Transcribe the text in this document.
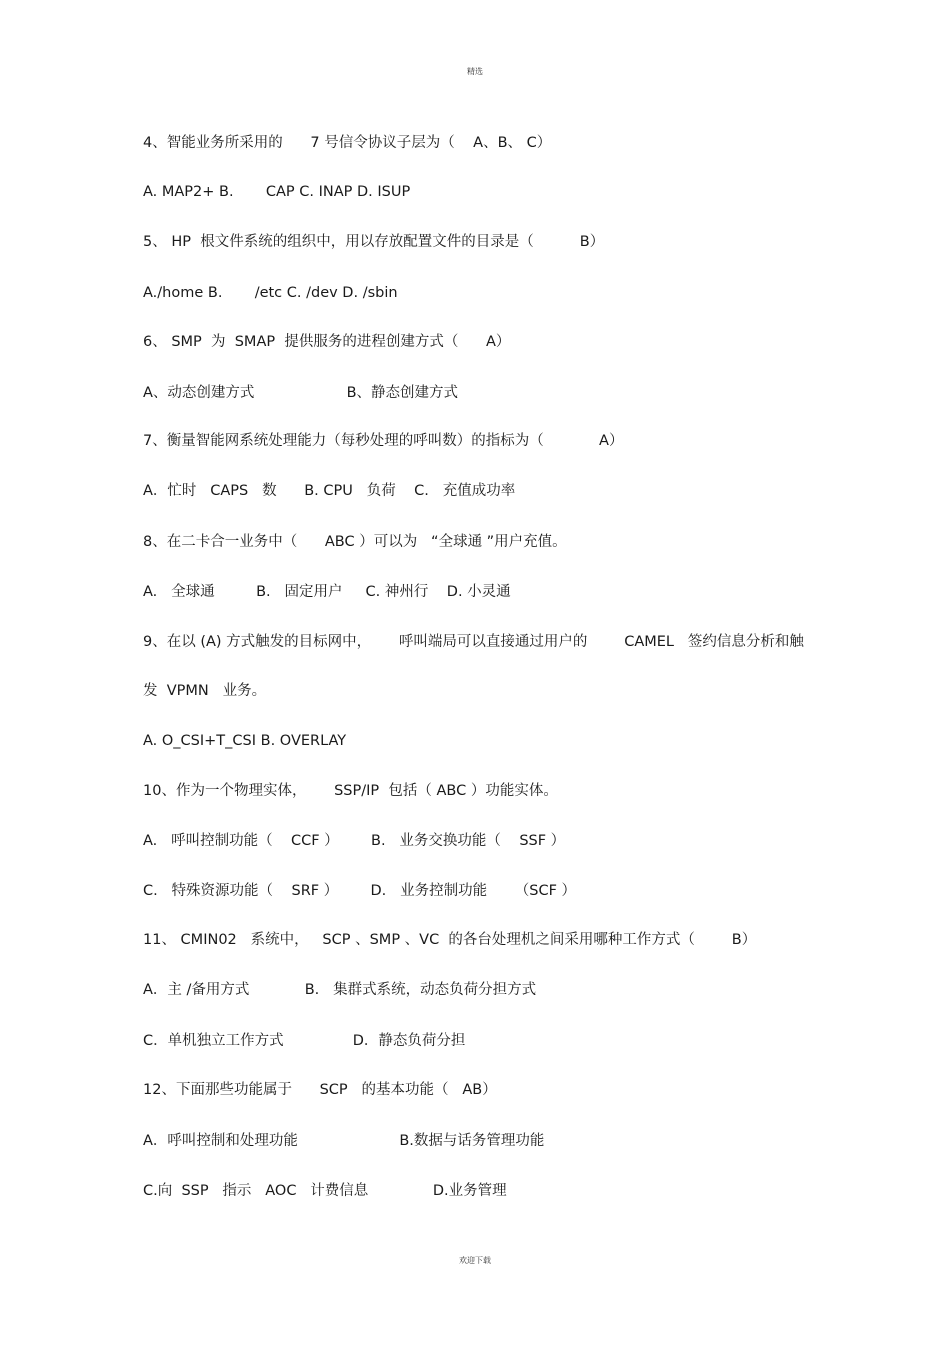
精选
4、智能业务所采用的      7 号信令协议子层为（    A、B、 C）
A. MAP2+ B.       CAP C. INAP D. ISUP
5、 HP  根文件系统的组织中，用以存放配置文件的目录是（          B）
A./home B.       /etc C. /dev D. /sbin
6、 SMP  为  SMAP  提供服务的进程创建方式（      A）
A、动态创建方式                    B、静态创建方式
7、衡量智能网系统处理能力（每秒处理的呼叫数）的指标为（            A）
A．忙时   CAPS   数      B. CPU   负荷    C.   充值成功率
8、在二卡合一业务中（      ABC ）可以为   “全球通 ”用户充值。
A.   全球通         B.   固定用户     C. 神州行    D. 小灵通
9、在以 (A) 方式触发的目标网中，      呼叫端局可以直接通过用户的        CAMEL   签约信息分析和触
发  VPMN   业务。
A. O_CSI+T_CSI B. OVERLAY
10、作为一个物理实体，      SSP/IP  包括（ ABC ）功能实体。
A.   呼叫控制功能（    CCF ）       B.   业务交换功能（    SSF ）
C.   特殊资源功能（    SRF ）       D.   业务控制功能      （SCF ）
11、 CMIN02   系统中，   SCP 、SMP 、VC  的各台处理机之间采用哪种工作方式（        B）
A．主 /备用方式            B.   集群式系统，动态负荷分担方式
C．单机独立工作方式               D．静态负荷分担
12、下面那些功能属于      SCP   的基本功能（   AB）
A．呼叫控制和处理功能                      B.数据与话务管理功能
C.向  SSP   指示   AOC   计费信息              D.业务管理
欢迎下载
